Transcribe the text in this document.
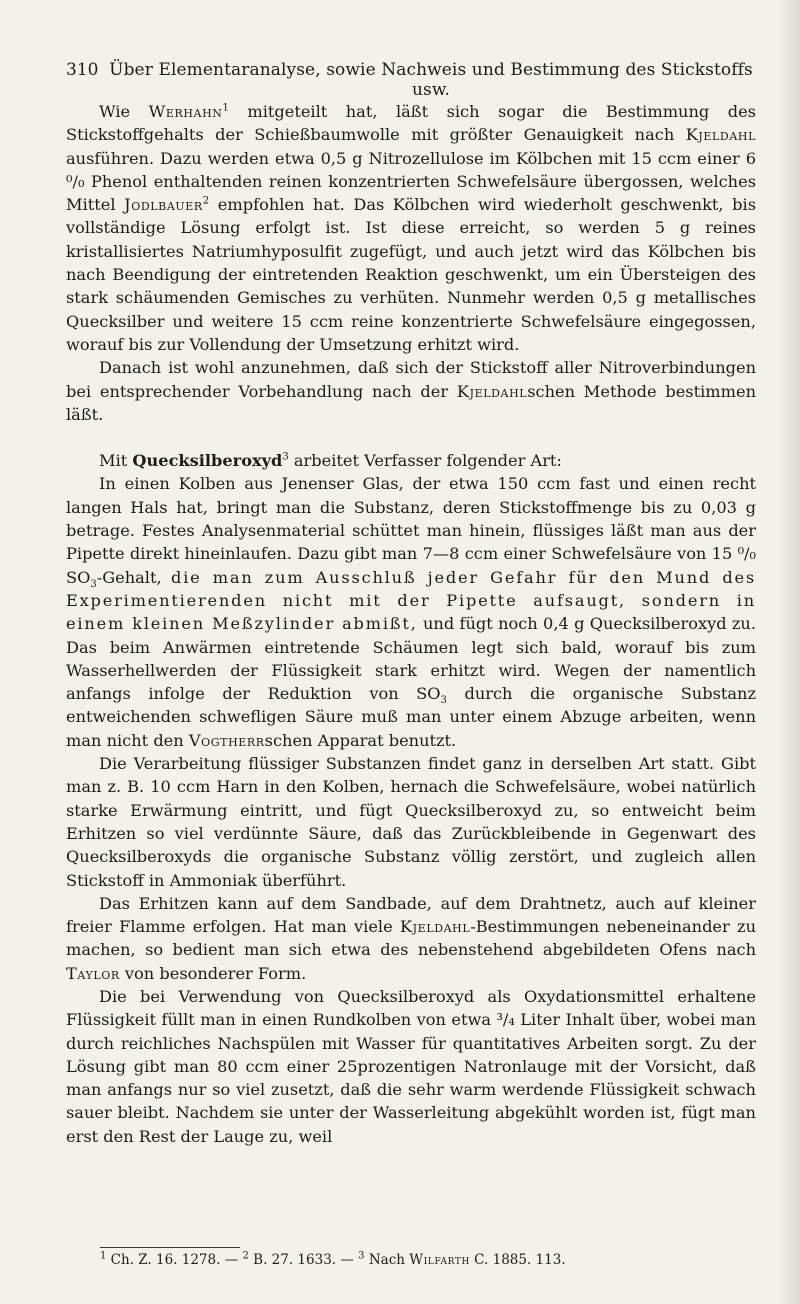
310 Über Elementaranalyse, sowie Nachweis und Bestimmung des Stickstoffs usw.

Wie Werhahn$^1$ mitgeteilt hat, läßt sich sogar die Bestimmung des Stickstoffgehalts der Schießbaumwolle mit größter Genauigkeit nach Kjeldahl ausführen. Dazu werden etwa 0,5 g Nitrozellulose im Kölbchen mit 15 ccm einer 6 ⁰/₀ Phenol enthaltenden reinen konzentrierten Schwefelsäure übergossen, welches Mittel Jodlbauer$^2$ empfohlen hat. Das Kölbchen wird wiederholt geschwenkt, bis vollständige Lösung erfolgt ist. Ist diese erreicht, so werden 5 g reines kristallisiertes Natriumhyposulfit zugefügt, und auch jetzt wird das Kölbchen bis nach Beendigung der eintretenden Reaktion geschwenkt, um ein Übersteigen des stark schäumenden Gemisches zu verhüten. Nunmehr werden 0,5 g metallisches Quecksilber und weitere 15 ccm reine konzentrierte Schwefelsäure eingegossen, worauf bis zur Vollendung der Umsetzung erhitzt wird.

Danach ist wohl anzunehmen, daß sich der Stickstoff aller Nitroverbindungen bei entsprechender Vorbehandlung nach der Kjeldahlschen Methode bestimmen läßt.

Mit Quecksilberoxyd$^3$ arbeitet Verfasser folgender Art:

In einen Kolben aus Jenenser Glas, der etwa 150 ccm fast und einen recht langen Hals hat, bringt man die Substanz, deren Stickstoffmenge bis zu 0,03 g betrage. Festes Analysenmaterial schüttet man hinein, flüssiges läßt man aus der Pipette direkt hineinlaufen. Dazu gibt man 7—8 ccm einer Schwefelsäure von 15 ⁰/₀ $SO_3$-Gehalt, die man zum Ausschluß jeder Gefahr für den Mund des Experimentierenden nicht mit der Pipette aufsaugt, sondern in einem kleinen Meßzylinder abmißt, und fügt noch 0,4 g Quecksilberoxyd zu. Das beim Anwärmen eintretende Schäumen legt sich bald, worauf bis zum Wasserhellwerden der Flüssigkeit stark erhitzt wird. Wegen der namentlich anfangs infolge der Reduktion von $SO_3$ durch die organische Substanz entweichenden schwefligen Säure muß man unter einem Abzuge arbeiten, wenn man nicht den Vogtherrschen Apparat benutzt.

Die Verarbeitung flüssiger Substanzen findet ganz in derselben Art statt. Gibt man z. B. 10 ccm Harn in den Kolben, hernach die Schwefelsäure, wobei natürlich starke Erwärmung eintritt, und fügt Quecksilberoxyd zu, so entweicht beim Erhitzen so viel verdünnte Säure, daß das Zurückbleibende in Gegenwart des Quecksilberoxyds die organische Substanz völlig zerstört, und zugleich allen Stickstoff in Ammoniak überführt.

Das Erhitzen kann auf dem Sandbade, auf dem Drahtnetz, auch auf kleiner freier Flamme erfolgen. Hat man viele Kjeldahl-Bestimmungen nebeneinander zu machen, so bedient man sich etwa des nebenstehend abgebildeten Ofens nach Taylor von besonderer Form.

Die bei Verwendung von Quecksilberoxyd als Oxydationsmittel erhaltene Flüssigkeit füllt man in einen Rundkolben von etwa ³/₄ Liter Inhalt über, wobei man durch reichliches Nachspülen mit Wasser für quantitatives Arbeiten sorgt. Zu der Lösung gibt man 80 ccm einer 25prozentigen Natronlauge mit der Vorsicht, daß man anfangs nur so viel zusetzt, daß die sehr warm werdende Flüssigkeit schwach sauer bleibt. Nachdem sie unter der Wasserleitung abgekühlt worden ist, fügt man erst den Rest der Lauge zu, weil

$^1$ Ch. Z. 16. 1278. — $^2$ B. 27. 1633. — $^3$ Nach Wilfarth C. 1885. 113.
